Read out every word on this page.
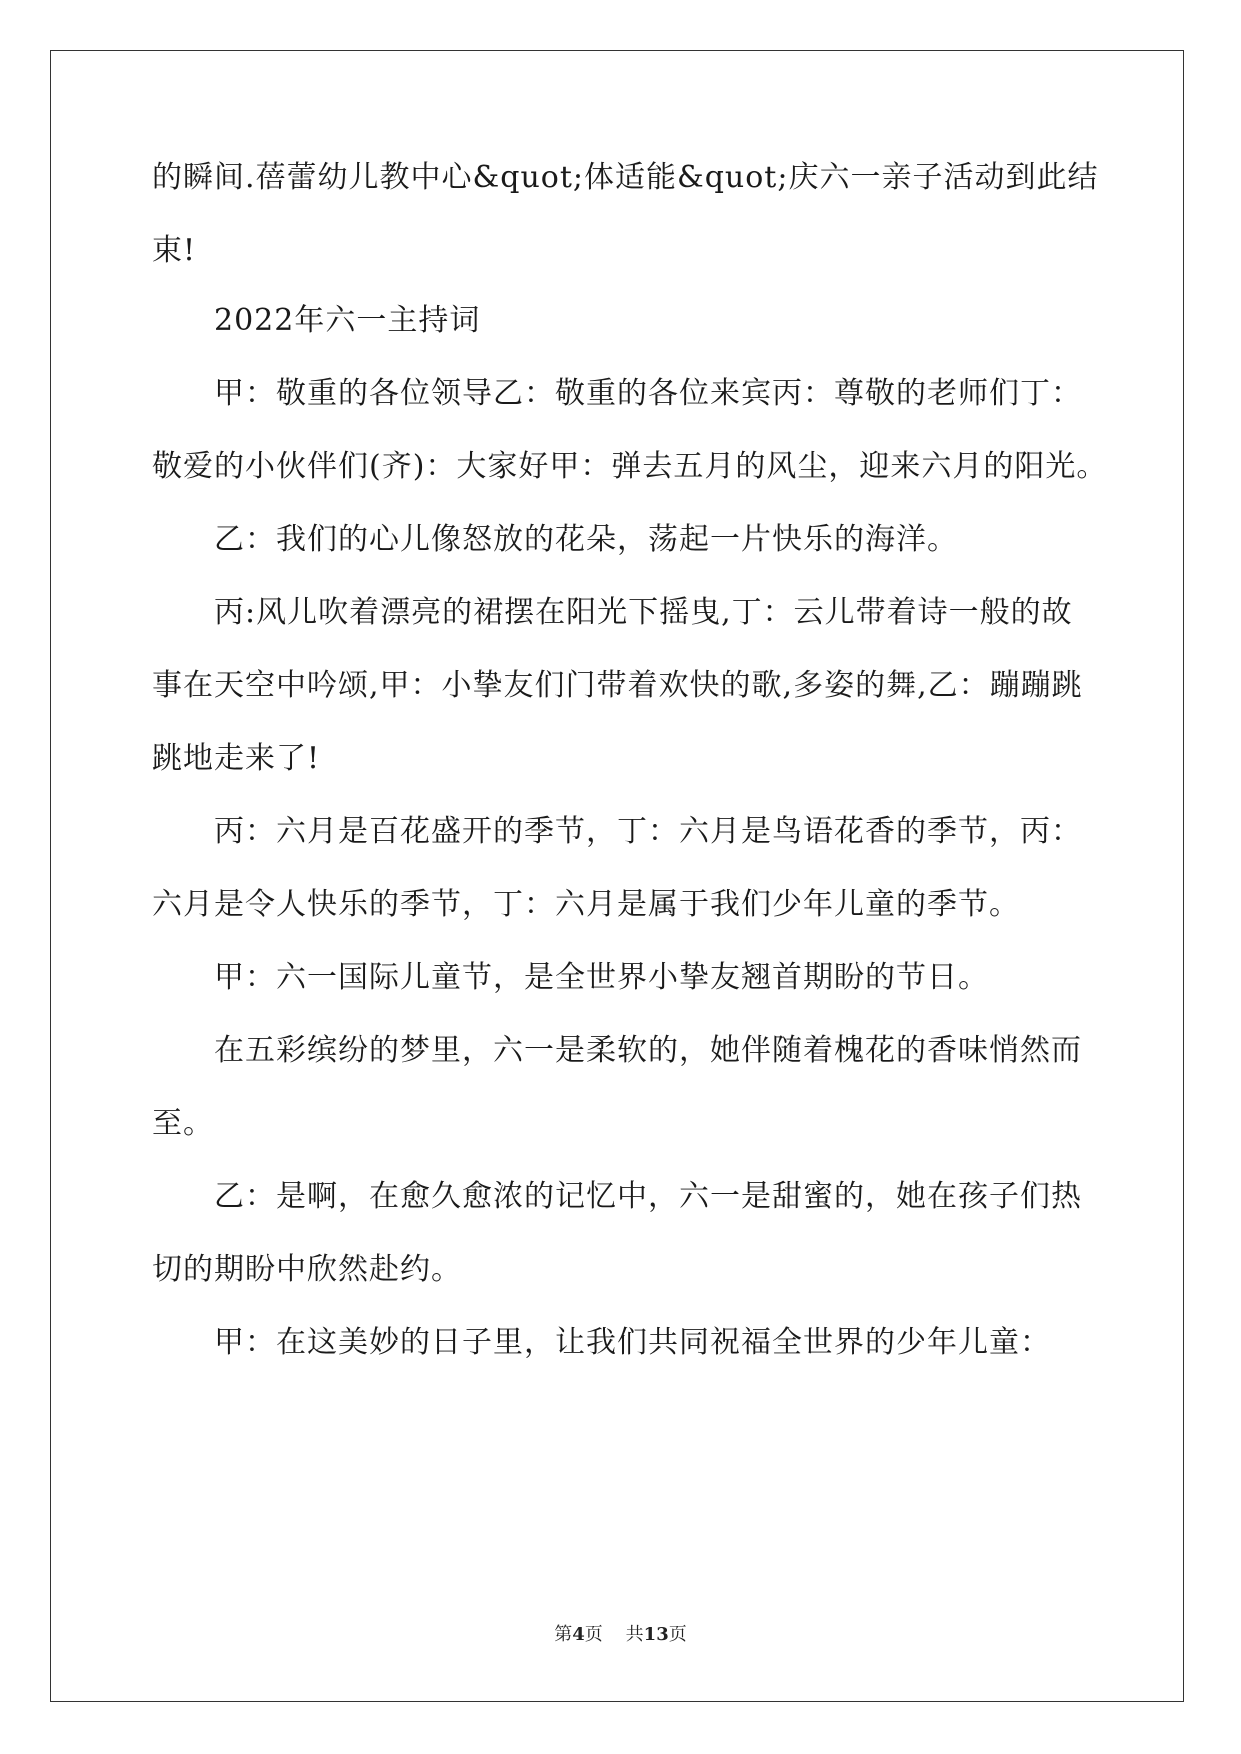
的瞬间.蓓蕾幼儿教中心&quot;体适能&quot;庆六一亲子活动到此结
束!
2022年六一主持词
甲：敬重的各位领导乙：敬重的各位来宾丙：尊敬的老师们丁：
敬爱的小伙伴们(齐)：大家好甲：弹去五月的风尘，迎来六月的阳光。
乙：我们的心儿像怒放的花朵，荡起一片快乐的海洋。
丙:风儿吹着漂亮的裙摆在阳光下摇曳,丁：云儿带着诗一般的故
事在天空中吟颂,甲：小挚友们门带着欢快的歌,多姿的舞,乙：蹦蹦跳
跳地走来了!
丙：六月是百花盛开的季节，丁：六月是鸟语花香的季节，丙：
六月是令人快乐的季节，丁：六月是属于我们少年儿童的季节。
甲：六一国际儿童节，是全世界小挚友翘首期盼的节日。
在五彩缤纷的梦里，六一是柔软的，她伴随着槐花的香味悄然而
至。
乙：是啊，在愈久愈浓的记忆中，六一是甜蜜的，她在孩子们热
切的期盼中欣然赴约。
甲：在这美妙的日子里，让我们共同祝福全世界的少年儿童：
第4页 共13页
